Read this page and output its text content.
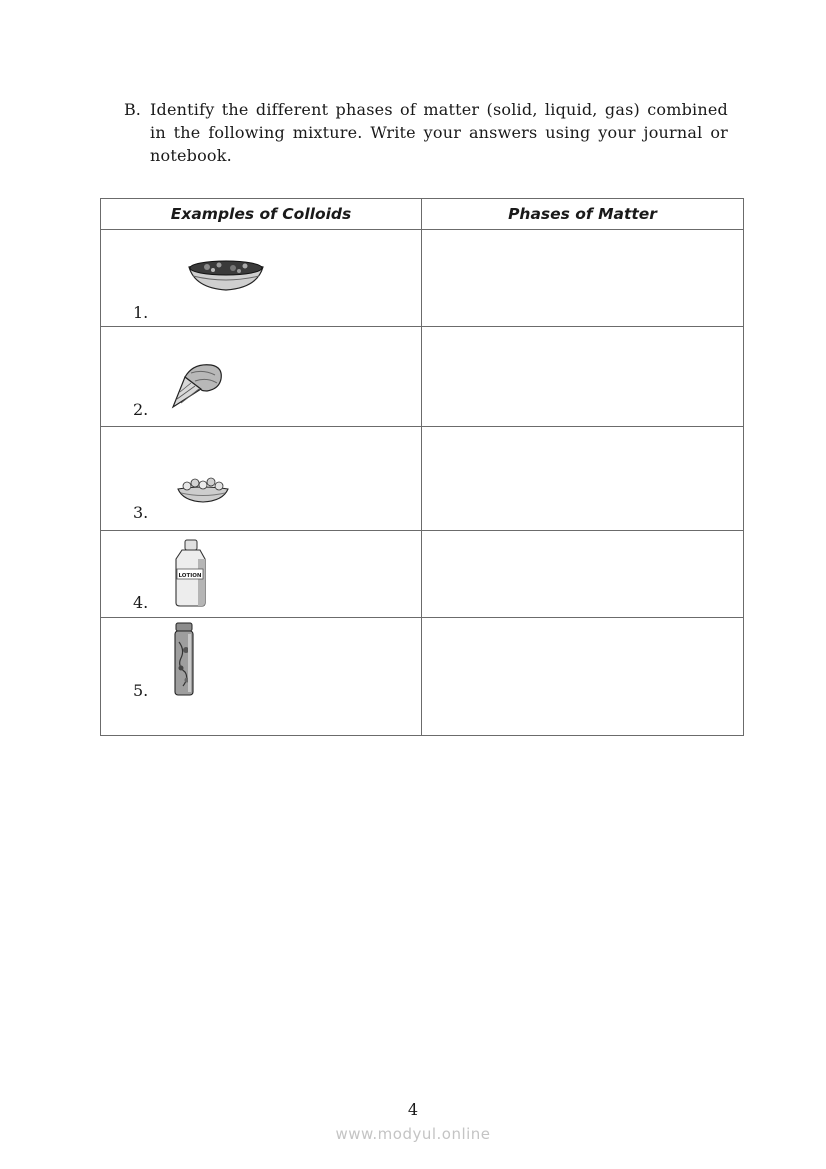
B. Identify the different phases of matter (solid, liquid, gas) combined in the following mixture. Write your answers using your journal or notebook.
Examples of Colloids	Phases of Matter

1.	

2.	

3.	

LOTION
4.	

5.	

4
www.modyul.online
